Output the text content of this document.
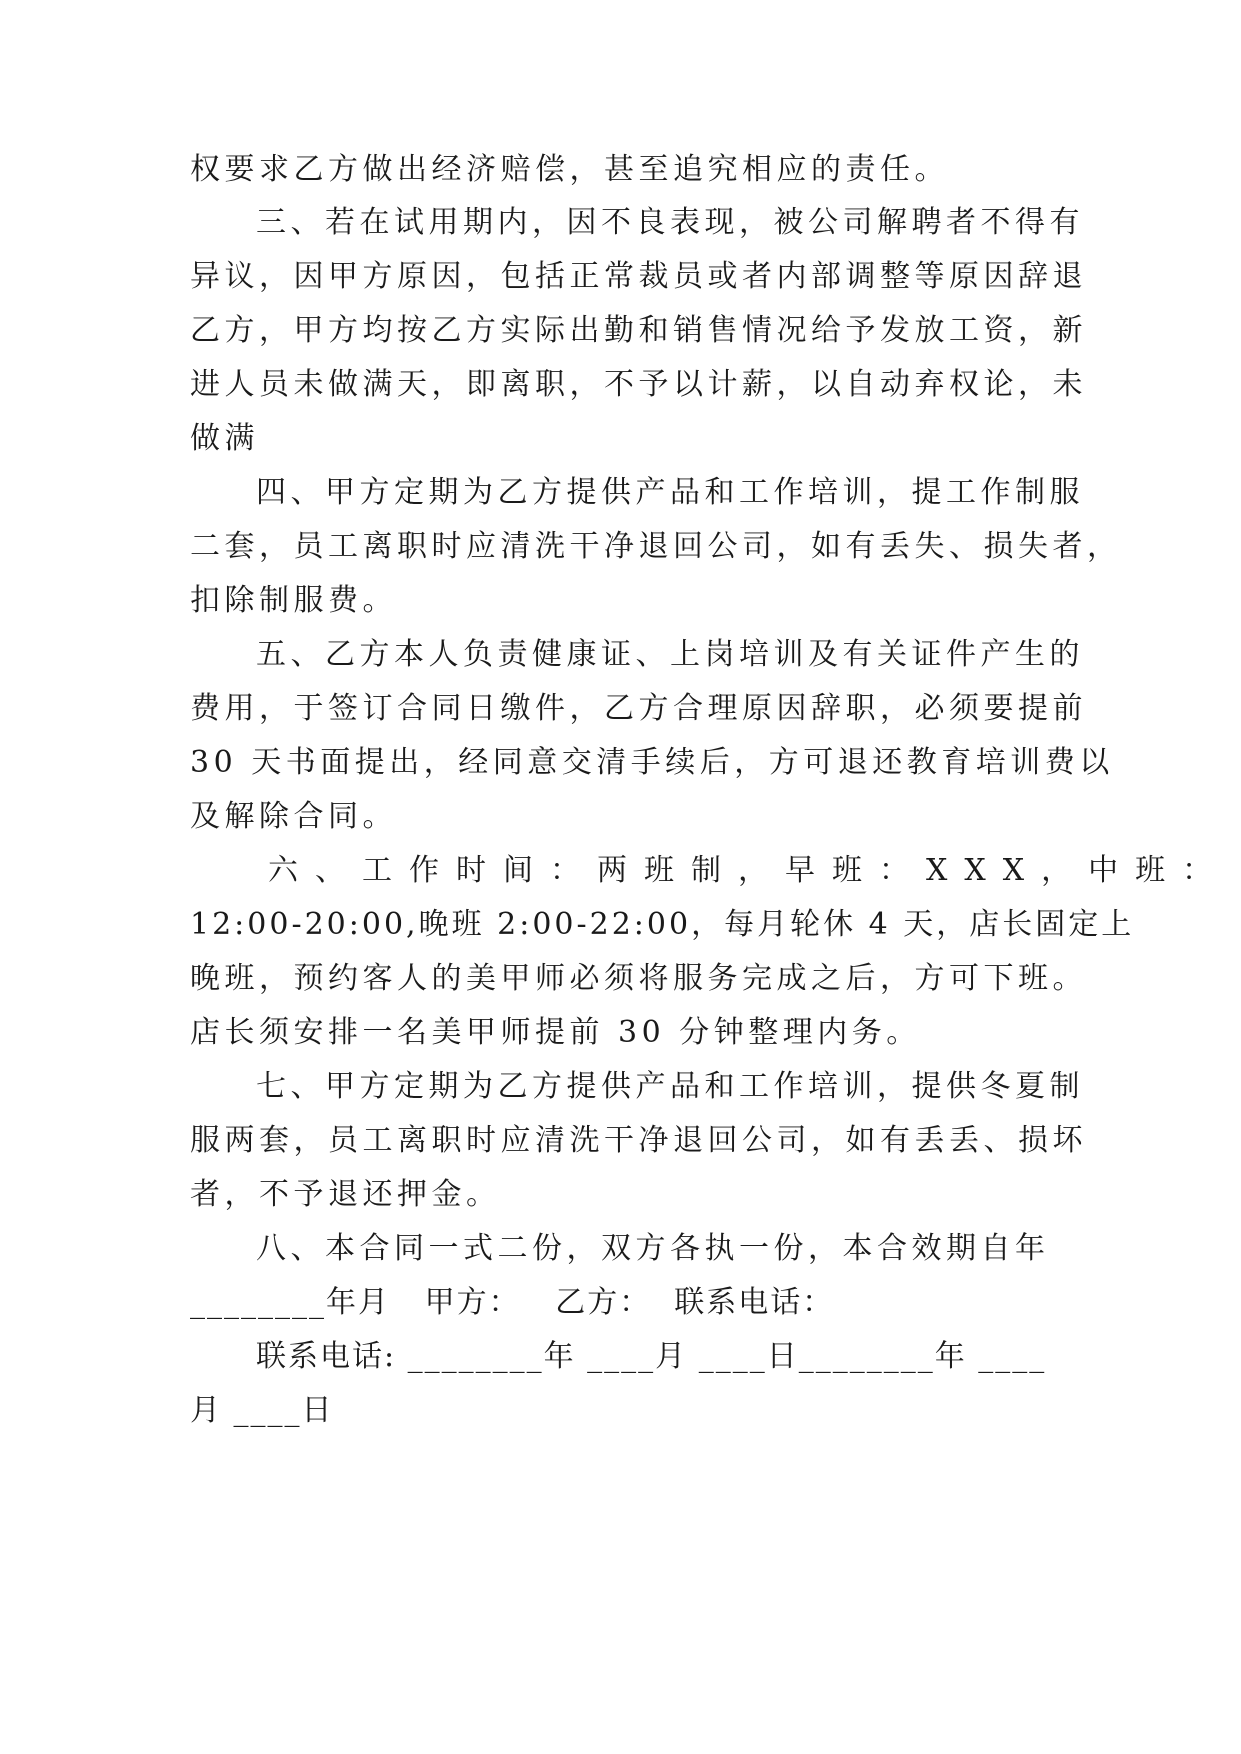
权要求乙方做出经济赔偿，甚至追究相应的责任。
三、若在试用期内，因不良表现，被公司解聘者不得有
异议，因甲方原因，包括正常裁员或者内部调整等原因辞退
乙方，甲方均按乙方实际出勤和销售情况给予发放工资，新
进人员未做满天，即离职，不予以计薪，以自动弃权论，未
做满
四、甲方定期为乙方提供产品和工作培训，提工作制服
二套，员工离职时应清洗干净退回公司，如有丢失、损失者，
扣除制服费。
五、乙方本人负责健康证、上岗培训及有关证件产生的
费用，于签订合同日缴件，乙方合理原因辞职，必须要提前
30 天书面提出，经同意交清手续后，方可退还教育培训费以
及解除合同。
六、工作时间：两班制，早班：XXX，中班：
12:00-20:00,晚班 2:00-22:00，每月轮休 4 天，店长固定上
晚班，预约客人的美甲师必须将服务完成之后，方可下班。
店长须安排一名美甲师提前 30 分钟整理内务。
七、甲方定期为乙方提供产品和工作培训，提供冬夏制
服两套，员工离职时应清洗干净退回公司，如有丢丢、损坏
者，不予退还押金。
八、本合同一式二份，双方各执一份，本合效期自年
________年月   甲方：   乙方：  联系电话：
联系电话: ________年 ____月 ____日________年 ____
月 ____日
